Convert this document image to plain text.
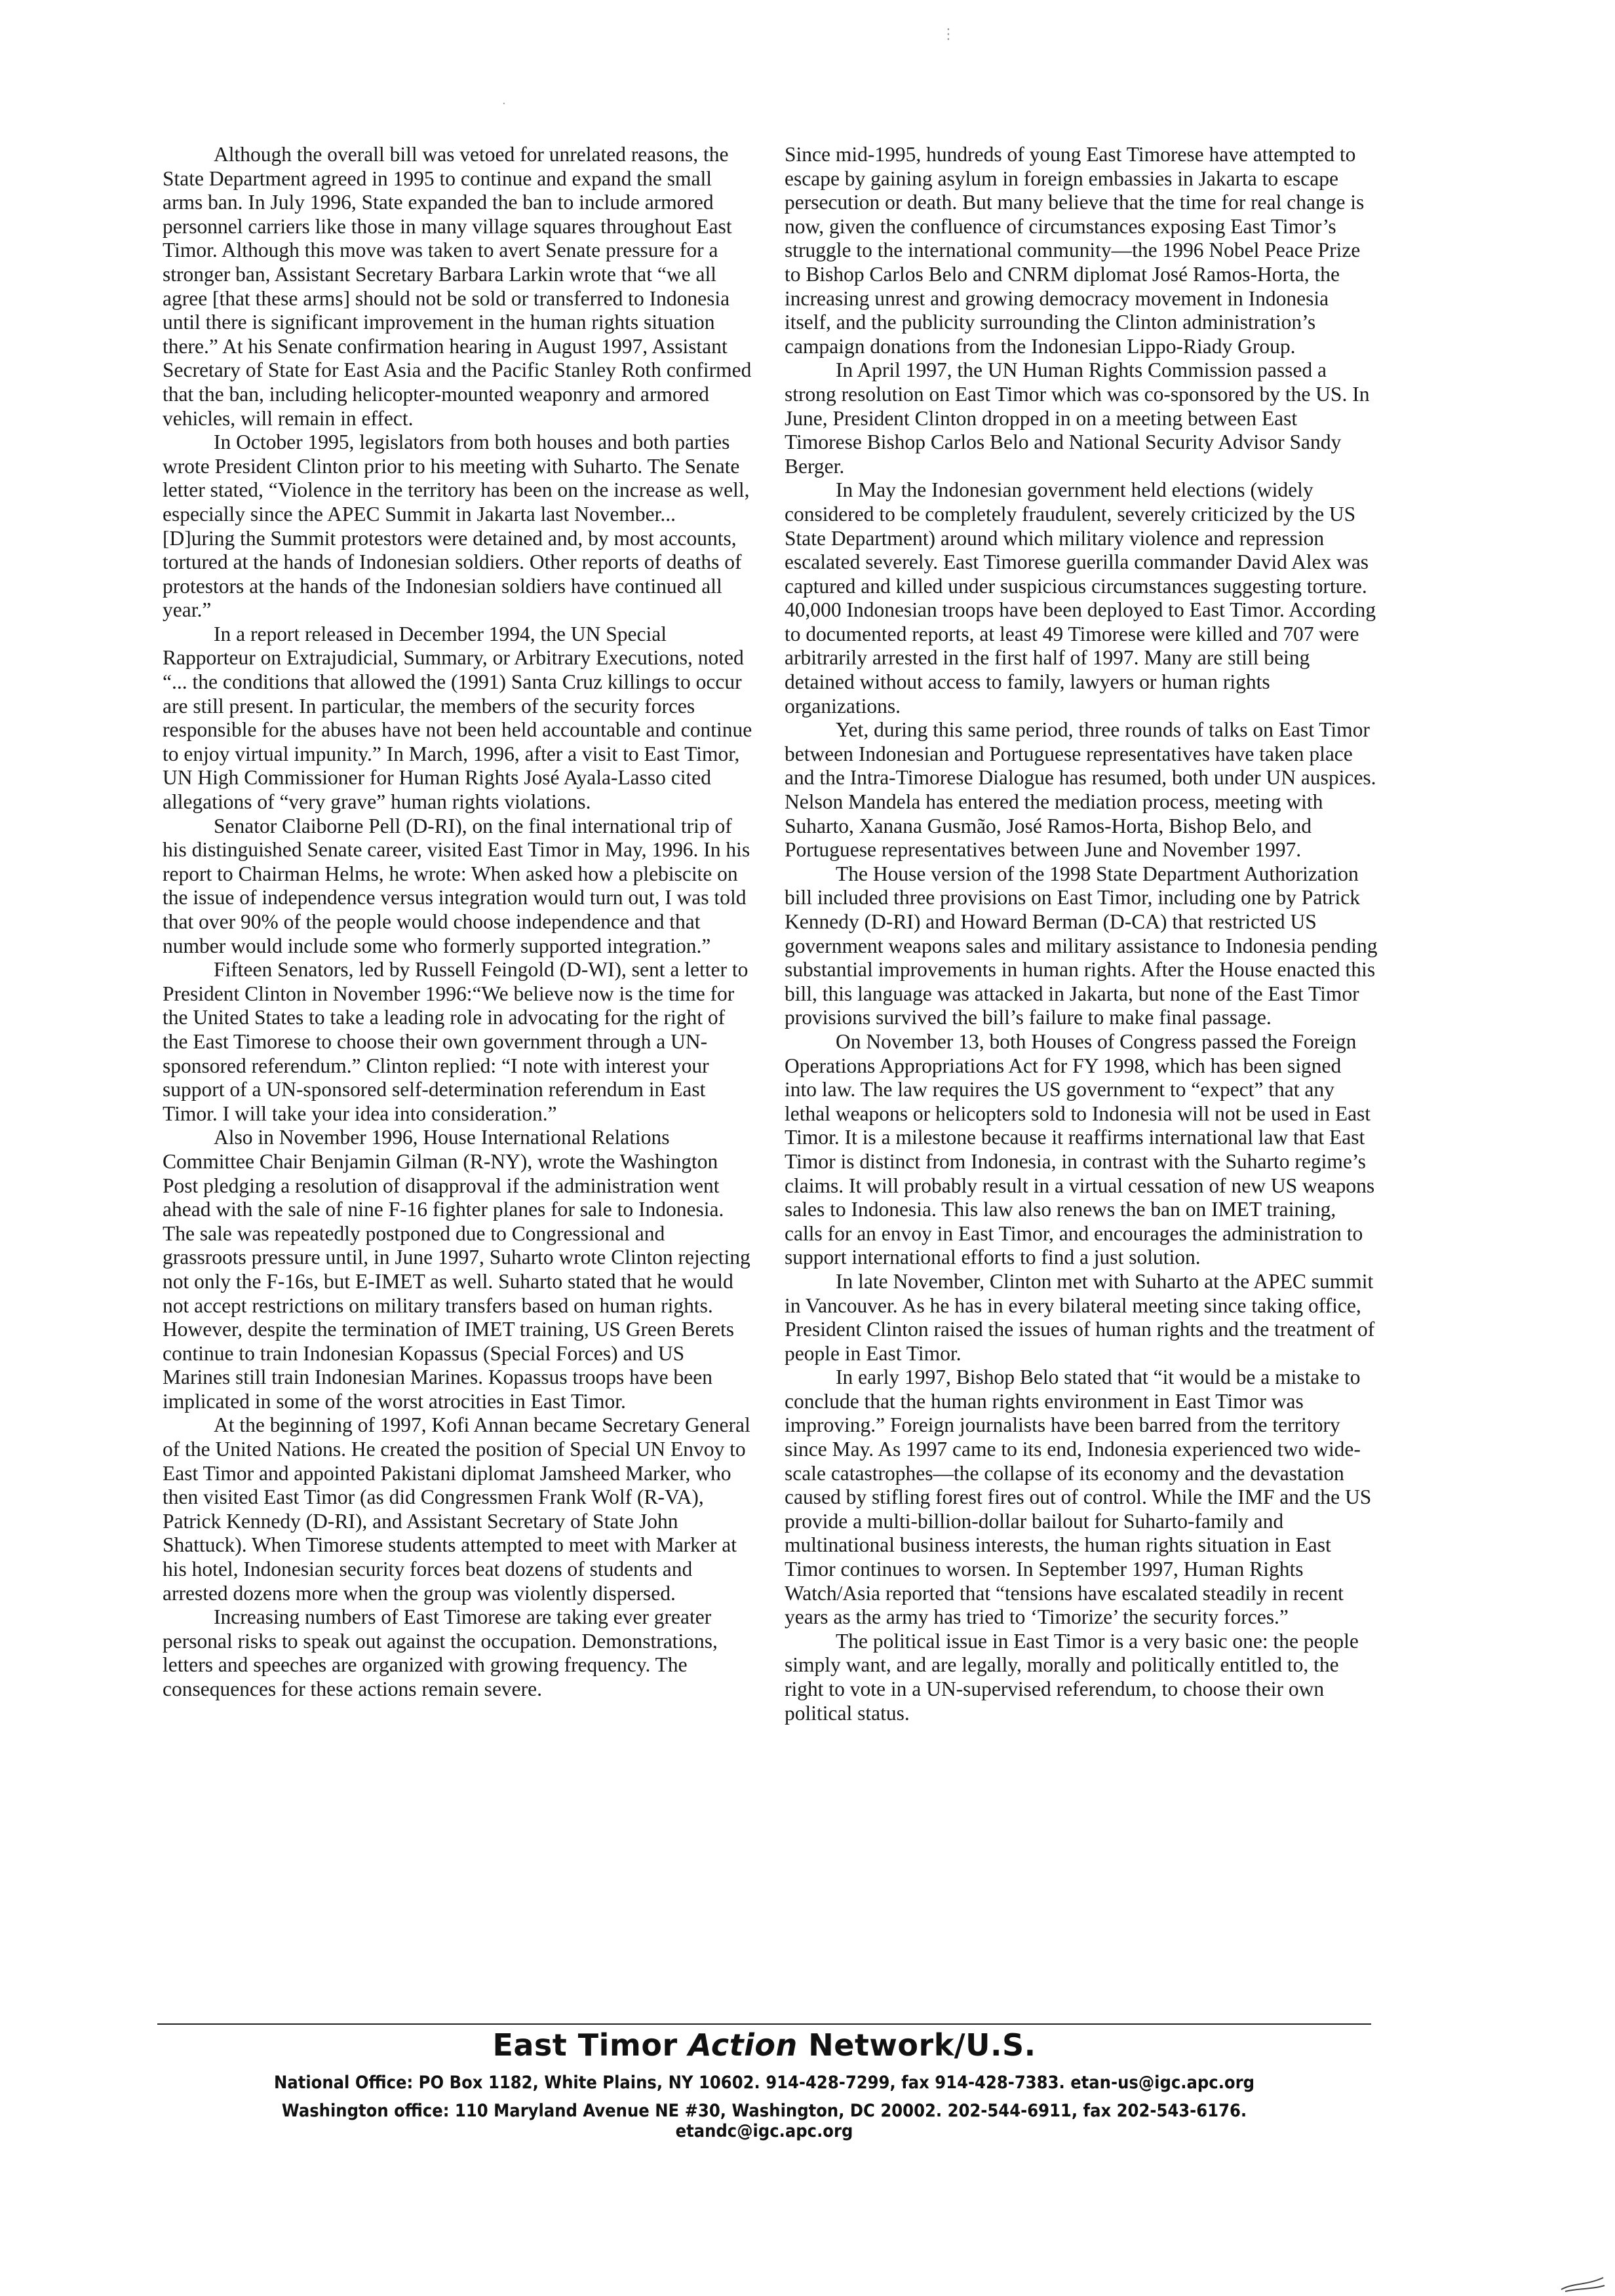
⋮
·

Although the overall bill was vetoed for unrelated reasons, the State Department agreed in 1995 to continue and expand the small arms ban. In July 1996, State expanded the ban to include armored personnel carriers like those in many village squares throughout East Timor. Although this move was taken to avert Senate pressure for a stronger ban, Assistant Secretary Barbara Larkin wrote that “we all agree [that these arms] should not be sold or transferred to Indonesia until there is significant improvement in the human rights situation there.” At his Senate confirmation hearing in August 1997, Assistant Secretary of State for East Asia and the Pacific Stanley Roth confirmed that the ban, including helicopter-mounted weaponry and armored vehicles, will remain in effect.

In October 1995, legislators from both houses and both parties wrote President Clinton prior to his meeting with Suharto. The Senate letter stated, “Violence in the territory has been on the increase as well, especially since the APEC Summit in Jakarta last November... [D]uring the Summit protestors were detained and, by most accounts, tortured at the hands of Indonesian soldiers. Other reports of deaths of protestors at the hands of the Indonesian soldiers have continued all year.”

In a report released in December 1994, the UN Special Rapporteur on Extrajudicial, Summary, or Arbitrary Executions, noted “... the conditions that allowed the (1991) Santa Cruz killings to occur are still present. In particular, the members of the security forces responsible for the abuses have not been held accountable and continue to enjoy virtual impunity.” In March, 1996, after a visit to East Timor, UN High Commissioner for Human Rights José Ayala-Lasso cited allegations of “very grave” human rights violations.

Senator Claiborne Pell (D-RI), on the final international trip of his distinguished Senate career, visited East Timor in May, 1996. In his report to Chairman Helms, he wrote: When asked how a plebiscite on the issue of independence versus integration would turn out, I was told that over 90% of the people would choose independence and that number would include some who formerly supported integration.”

Fifteen Senators, led by Russell Feingold (D-WI), sent a letter to President Clinton in November 1996:“We believe now is the time for the United States to take a leading role in advocating for the right of the East Timorese to choose their own government through a UN-sponsored referendum.” Clinton replied: “I note with interest your support of a UN-sponsored self-determination referendum in East Timor. I will take your idea into consideration.”

Also in November 1996, House International Relations Committee Chair Benjamin Gilman (R-NY), wrote the Washington Post pledging a resolution of disapproval if the administration went ahead with the sale of nine F-16 fighter planes for sale to Indonesia. The sale was repeatedly postponed due to Congressional and grassroots pressure until, in June 1997, Suharto wrote Clinton rejecting not only the F-16s, but E-IMET as well. Suharto stated that he would not accept restrictions on military transfers based on human rights. However, despite the termination of IMET training, US Green Berets continue to train Indonesian Kopassus (Special Forces) and US Marines still train Indonesian Marines. Kopassus troops have been implicated in some of the worst atrocities in East Timor.

At the beginning of 1997, Kofi Annan became Secretary General of the United Nations. He created the position of Special UN Envoy to East Timor and appointed Pakistani diplomat Jamsheed Marker, who then visited East Timor (as did Congressmen Frank Wolf (R-VA), Patrick Kennedy (D-RI), and Assistant Secretary of State John Shattuck). When Timorese students attempted to meet with Marker at his hotel, Indonesian security forces beat dozens of students and arrested dozens more when the group was violently dispersed.

Increasing numbers of East Timorese are taking ever greater personal risks to speak out against the occupation. Demonstrations, letters and speeches are organized with growing frequency. The consequences for these actions remain severe.

Since mid-1995, hundreds of young East Timorese have attempted to escape by gaining asylum in foreign embassies in Jakarta to escape persecution or death. But many believe that the time for real change is now, given the confluence of circumstances exposing East Timor’s struggle to the international community—the 1996 Nobel Peace Prize to Bishop Carlos Belo and CNRM diplomat José Ramos-Horta, the increasing unrest and growing democracy movement in Indonesia itself, and the publicity surrounding the Clinton administration’s campaign donations from the Indonesian Lippo-Riady Group.

In April 1997, the UN Human Rights Commission passed a strong resolution on East Timor which was co-sponsored by the US. In June, President Clinton dropped in on a meeting between East Timorese Bishop Carlos Belo and National Security Advisor Sandy Berger.

In May the Indonesian government held elections (widely considered to be completely fraudulent, severely criticized by the US State Department) around which military violence and repression escalated severely. East Timorese guerilla commander David Alex was captured and killed under suspicious circumstances suggesting torture. 40,000 Indonesian troops have been deployed to East Timor. According to documented reports, at least 49 Timorese were killed and 707 were arbitrarily arrested in the first half of 1997. Many are still being detained without access to family, lawyers or human rights organizations.

Yet, during this same period, three rounds of talks on East Timor between Indonesian and Portuguese representatives have taken place and the Intra-Timorese Dialogue has resumed, both under UN auspices. Nelson Mandela has entered the mediation process, meeting with Suharto, Xanana Gusmão, José Ramos-Horta, Bishop Belo, and Portuguese representatives between June and November 1997.

The House version of the 1998 State Department Authorization bill included three provisions on East Timor, including one by Patrick Kennedy (D-RI) and Howard Berman (D-CA) that restricted US government weapons sales and military assistance to Indonesia pending substantial improvements in human rights. After the House enacted this bill, this language was attacked in Jakarta, but none of the East Timor provisions survived the bill’s failure to make final passage.

On November 13, both Houses of Congress passed the Foreign Operations Appropriations Act for FY 1998, which has been signed into law. The law requires the US government to “expect” that any lethal weapons or helicopters sold to Indonesia will not be used in East Timor. It is a milestone because it reaffirms international law that East Timor is distinct from Indonesia, in contrast with the Suharto regime’s claims. It will probably result in a virtual cessation of new US weapons sales to Indonesia. This law also renews the ban on IMET training, calls for an envoy in East Timor, and encourages the administration to support international efforts to find a just solution.

In late November, Clinton met with Suharto at the APEC summit in Vancouver. As he has in every bilateral meeting since taking office, President Clinton raised the issues of human rights and the treatment of people in East Timor.

In early 1997, Bishop Belo stated that “it would be a mistake to conclude that the human rights environment in East Timor was improving.” Foreign journalists have been barred from the territory since May. As 1997 came to its end, Indonesia experienced two wide-scale catastrophes—the collapse of its economy and the devastation caused by stifling forest fires out of control. While the IMF and the US provide a multi-billion-dollar bailout for Suharto-family and multinational business interests, the human rights situation in East Timor continues to worsen. In September 1997, Human Rights Watch/Asia reported that “tensions have escalated steadily in recent years as the army has tried to ‘Timorize’ the security forces.”

The political issue in East Timor is a very basic one: the people simply want, and are legally, morally and politically entitled to, the right to vote in a UN-supervised referendum, to choose their own political status.

East Timor Action Network/U.S.
National Office: PO Box 1182, White Plains, NY 10602. 914-428-7299, fax 914-428-7383. etan-us@igc.apc.org
Washington office: 110 Maryland Avenue NE #30, Washington, DC 20002. 202-544-6911, fax 202-543-6176. etandc@igc.apc.org
